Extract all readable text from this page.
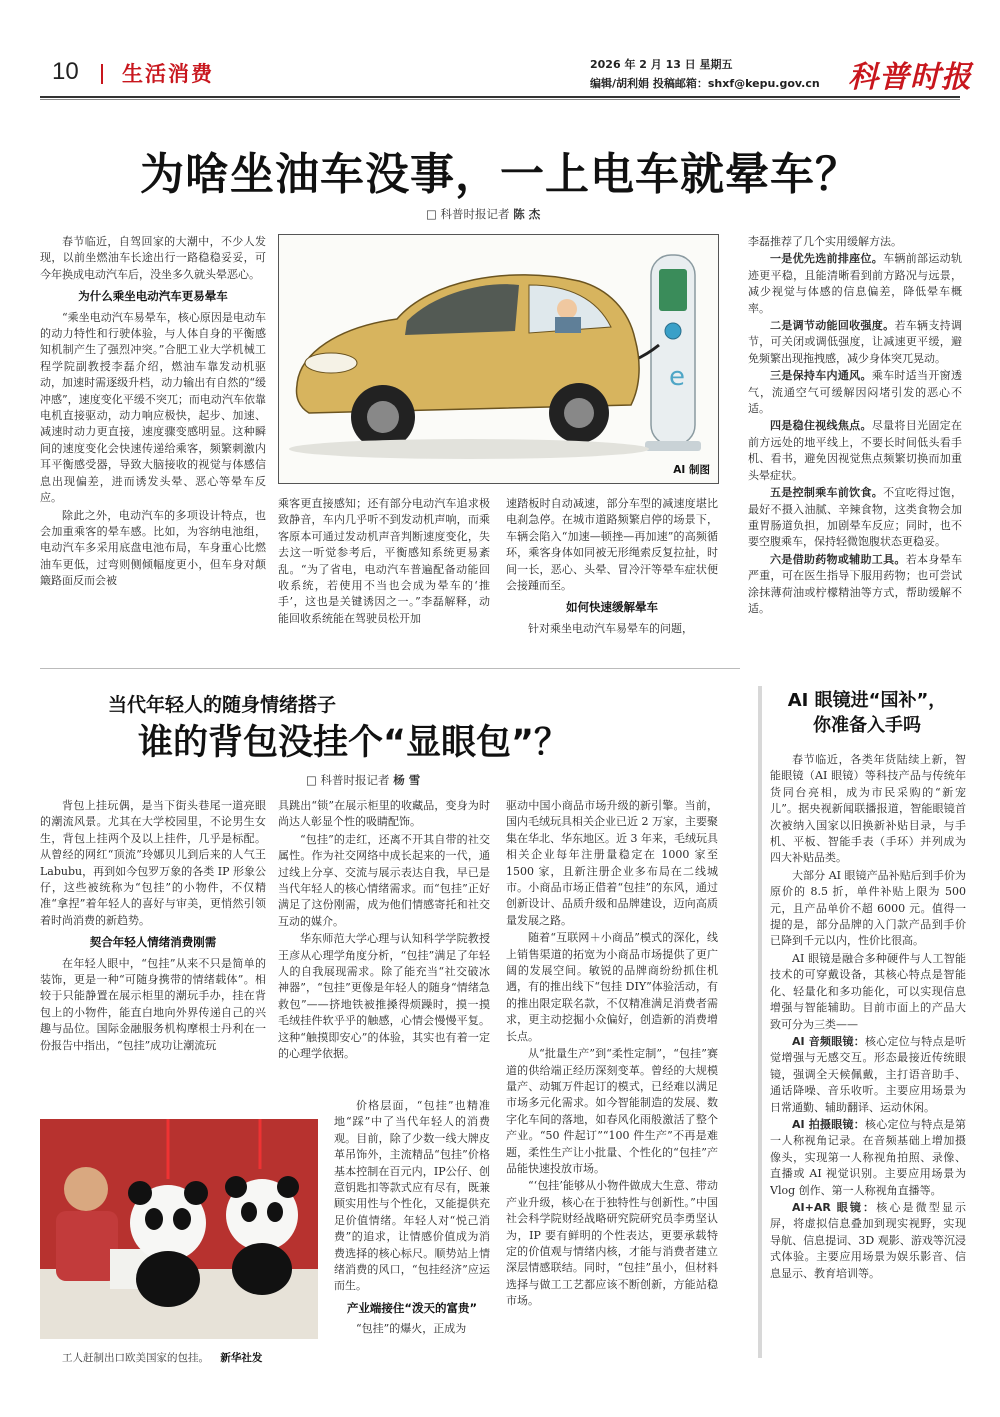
10 生活消费	2026 年 2 月 13 日 星期五
编辑/胡利娟 投稿邮箱：shxf@kepu.gov.cn 科普时报
为啥坐油车没事，一上电车就晕车？
□ 科普时报记者 陈 杰

春节临近，自驾回家的大潮中，不少人发现，以前坐燃油车长途出行一路稳稳妥妥，可今年换成电动汽车后，没坐多久就头晕恶心。

为什么乘坐电动汽车更易晕车

“乘坐电动汽车易晕车，核心原因是电动车的动力特性和行驶体验，与人体自身的平衡感知机制产生了强烈冲突。”合肥工业大学机械工程学院副教授李磊介绍，燃油车靠发动机驱动，加速时需逐级升档，动力输出有自然的“缓冲感”，速度变化平缓不突兀；而电动汽车依靠电机直接驱动，动力响应极快，起步、加速、减速时动力更直接，速度骤变感明显。这种瞬间的速度变化会快速传递给乘客，频繁刺激内耳平衡感受器，导致大脑接收的视觉与体感信息出现偏差，进而诱发头晕、恶心等晕车反应。

除此之外，电动汽车的多项设计特点，也会加重乘客的晕车感。比如，为容纳电池组，电动汽车多采用底盘电池布局，车身重心比燃油车更低，过弯则侧倾幅度更小，但车身对颠簸路面反而会被

e
AI 制图

乘客更直接感知；还有部分电动汽车追求极致静音，车内几乎听不到发动机声响，而乘客原本可通过发动机声音判断速度变化，失去这一听觉参考后，平衡感知系统更易紊乱。“为了省电，电动汽车普遍配备动能回收系统，若使用不当也会成为晕车的‘推手’，这也是关键诱因之一。”李磊解释，动能回收系统能在驾驶员松开加

速踏板时自动减速，部分车型的减速度堪比电刹急停。在城市道路频繁启停的场景下，车辆会陷入“加速—顿挫—再加速”的高频循环，乘客身体如同被无形绳索反复拉扯，时间一长，恶心、头晕、冒冷汗等晕车症状便会接踵而至。

如何快速缓解晕车

针对乘坐电动汽车易晕车的问题，

李磊推荐了几个实用缓解方法。

一是优先选前排座位。车辆前部运动轨迹更平稳，且能清晰看到前方路况与远景，减少视觉与体感的信息偏差，降低晕车概率。

二是调节动能回收强度。若车辆支持调节，可关闭或调低强度，让减速更平缓，避免频繁出现拖拽感，减少身体突兀晃动。

三是保持车内通风。乘车时适当开窗透气，流通空气可缓解因闷堵引发的恶心不适。

四是稳住视线焦点。尽量将目光固定在前方远处的地平线上，不要长时间低头看手机、看书，避免因视觉焦点频繁切换而加重头晕症状。

五是控制乘车前饮食。不宜吃得过饱，最好不摄入油腻、辛辣食物，这类食物会加重胃肠道负担，加剧晕车反应；同时，也不要空腹乘车，保持轻微饱腹状态更稳妥。

六是借助药物或辅助工具。若本身晕车严重，可在医生指导下服用药物；也可尝试涂抹薄荷油或柠檬精油等方式，帮助缓解不适。

当代年轻人的随身情绪搭子
谁的背包没挂个“显眼包”？
□ 科普时报记者 杨 雪

背包上挂玩偶，是当下街头巷尾一道亮眼的潮流风景。尤其在大学校园里，不论男生女生，背包上挂两个及以上挂件，几乎是标配。从曾经的网红“顶流”玲娜贝儿到后来的人气王 Labubu，再到如今包罗万象的各类 IP 形象公仔，这些被统称为“包挂”的小物件，不仅精准“拿捏”着年轻人的喜好与审美，更悄然引领着时尚消费的新趋势。

契合年轻人情绪消费刚需

在年轻人眼中，“包挂”从来不只是简单的装饰，更是一种“可随身携带的情绪载体”。相较于只能静置在展示柜里的潮玩手办，挂在背包上的小物件，能直白地向外界传递自己的兴趣与品位。国际金融服务机构摩根士丹利在一份报告中指出，“包挂”成功让潮流玩

具跳出“锁”在展示柜里的收藏品，变身为时尚达人彰显个性的吸睛配饰。

“包挂”的走红，还离不开其自带的社交属性。作为社交网络中成长起来的一代，通过线上分享、交流与展示表达自我，早已是当代年轻人的核心情绪需求。而“包挂”正好满足了这份刚需，成为他们情感寄托和社交互动的媒介。

华东师范大学心理与认知科学学院教授王彦从心理学角度分析，“包挂”满足了年轻人的自我展现需求。除了能充当“社交破冰神器”，“包挂”更像是年轻人的随身“情绪急救包”——挤地铁被推搡得烦躁时，摸一摸毛绒挂件软乎乎的触感，心情会慢慢平复。这种“触摸即安心”的体验，其实也有着一定的心理学依据。

价格层面，“包挂”也精准地“踩”中了当代年轻人的消费观。目前，除了少数一线大牌皮革吊饰外，主流精品“包挂”价格基本控制在百元内，IP公仔、创意钥匙扣等款式应有尽有，既兼顾实用性与个性化，又能提供充足价值情绪。年轻人对“悦己消费”的追求，让情感价值成为消费选择的核心标尺。顺势站上情绪消费的风口，“包挂经济”应运而生。

产业端接住“泼天的富贵”

“包挂”的爆火，正成为

驱动中国小商品市场升级的新引擎。当前，国内毛绒玩具相关企业已近 2 万家，主要聚集在华北、华东地区。近 3 年来，毛绒玩具相关企业每年注册量稳定在 1000 家至 1500 家，且新注册企业多布局在二线城市。小商品市场正借着“包挂”的东风，通过创新设计、品质升级和品牌建设，迈向高质量发展之路。

随着“互联网＋小商品”模式的深化，线上销售渠道的拓宽为小商品市场提供了更广阔的发展空间。敏锐的品牌商纷纷抓住机遇，有的推出线下“包挂 DIY”体验活动，有的推出限定联名款，不仅精准满足消费者需求，更主动挖掘小众偏好，创造新的消费增长点。

从“批量生产”到“柔性定制”，“包挂”赛道的供给端正经历深刻变革。曾经的大规模量产、动辄万件起订的模式，已经难以满足市场多元化需求。如今智能制造的发展、数字化车间的落地，如春风化雨般激活了整个产业。“50 件起订”“100 件生产”不再是难题，柔性生产让小批量、个性化的“包挂”产品能快速投放市场。

“‘包挂’能够从小物件做成大生意、带动产业升级，核心在于独特性与创新性。”中国社会科学院财经战略研究院研究员李勇坚认为，IP 要有鲜明的个性表达，更要承载特定的价值观与情绪内核，才能与消费者建立深层情感联结。同时，“包挂”虽小，但材料选择与做工工艺都应该不断创新，方能站稳市场。

工人赶制出口欧美国家的包挂。 新华社发
AI 眼镜进“国补”，
你准备入手吗

春节临近，各类年货陆续上新，智能眼镜（AI 眼镜）等科技产品与传统年货同台亮相，成为市民采购的“新宠儿”。据央视新闻联播报道，智能眼镜首次被纳入国家以旧换新补贴目录，与手机、平板、智能手表（手环）并列成为四大补贴品类。

大部分 AI 眼镜产品补贴后到手价为原价的 8.5 折，单件补贴上限为 500 元，且产品单价不超 6000 元。值得一提的是，部分品牌的入门款产品到手价已降到千元以内，性价比很高。

AI 眼镜是融合多种硬件与人工智能技术的可穿戴设备，其核心特点是智能化、轻量化和多功能化，可以实现信息增强与智能辅助。目前市面上的产品大致可分为三类——

AI 音频眼镜：核心定位与特点是听觉增强与无感交互。形态最接近传统眼镜，强调全天候佩戴，主打语音助手、通话降噪、音乐收听。主要应用场景为日常通勤、辅助翻译、运动休闲。

AI 拍摄眼镜：核心定位与特点是第一人称视角记录。在音频基础上增加摄像头，实现第一人称视角拍照、录像、直播或 AI 视觉识别。主要应用场景为 Vlog 创作、第一人称视角直播等。

AI+AR 眼镜：核心是微型显示屏，将虚拟信息叠加到现实视野，实现导航、信息提词、3D 观影、游戏等沉浸式体验。主要应用场景为娱乐影音、信息显示、教育培训等。
